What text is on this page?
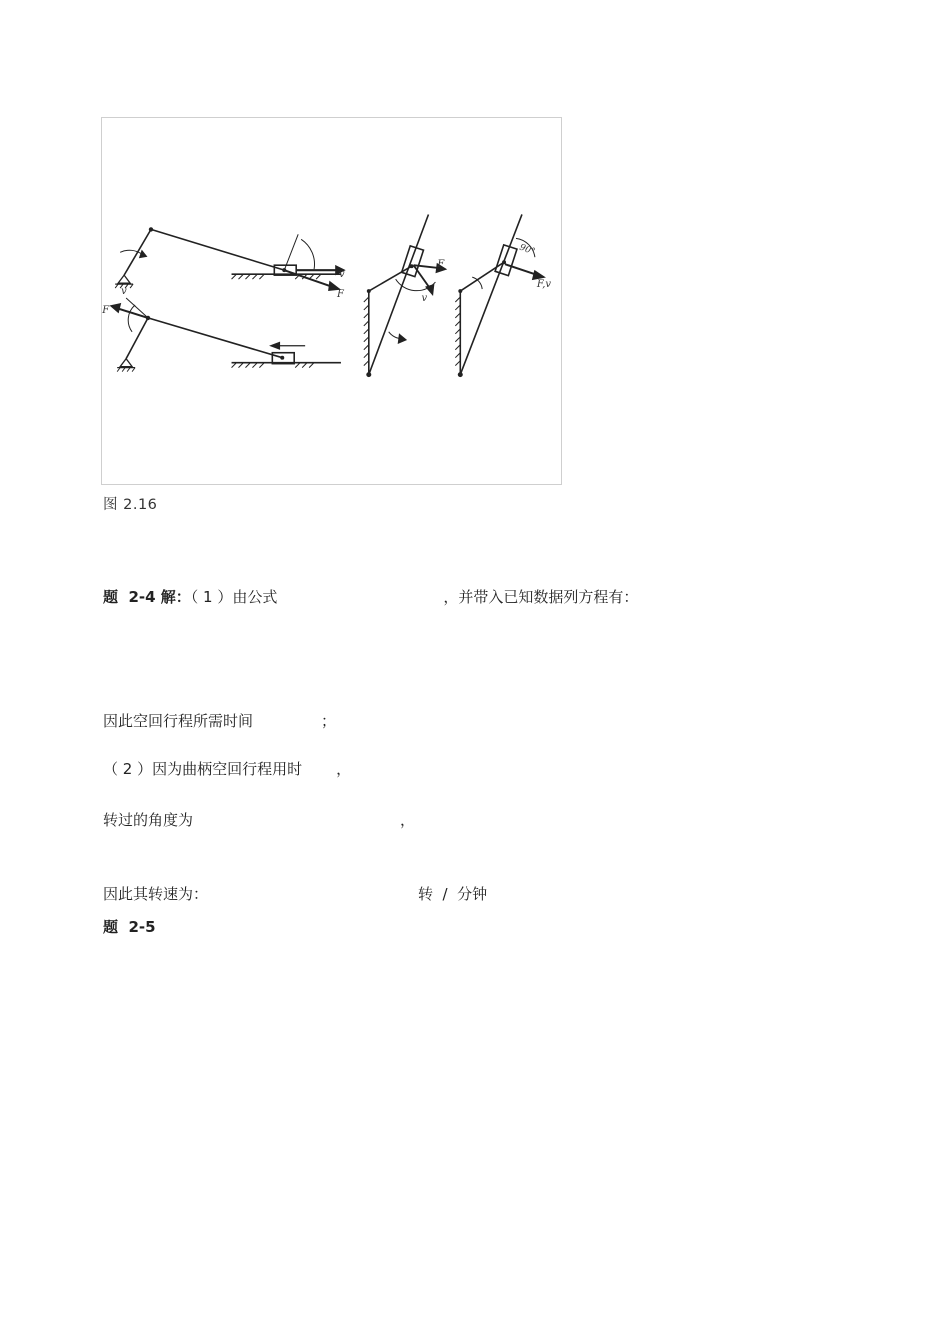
v
F
v
F
F
v
F,v
90°
图 2.16
题  2-4 解：（ 1 ）由公式	，并带入已知数据列方程有：
因此空回行程所需时间	；
（ 2 ）因为曲柄空回行程用时 ，
转过的角度为	，
因此其转速为：	转  /  分钟
题  2-5
